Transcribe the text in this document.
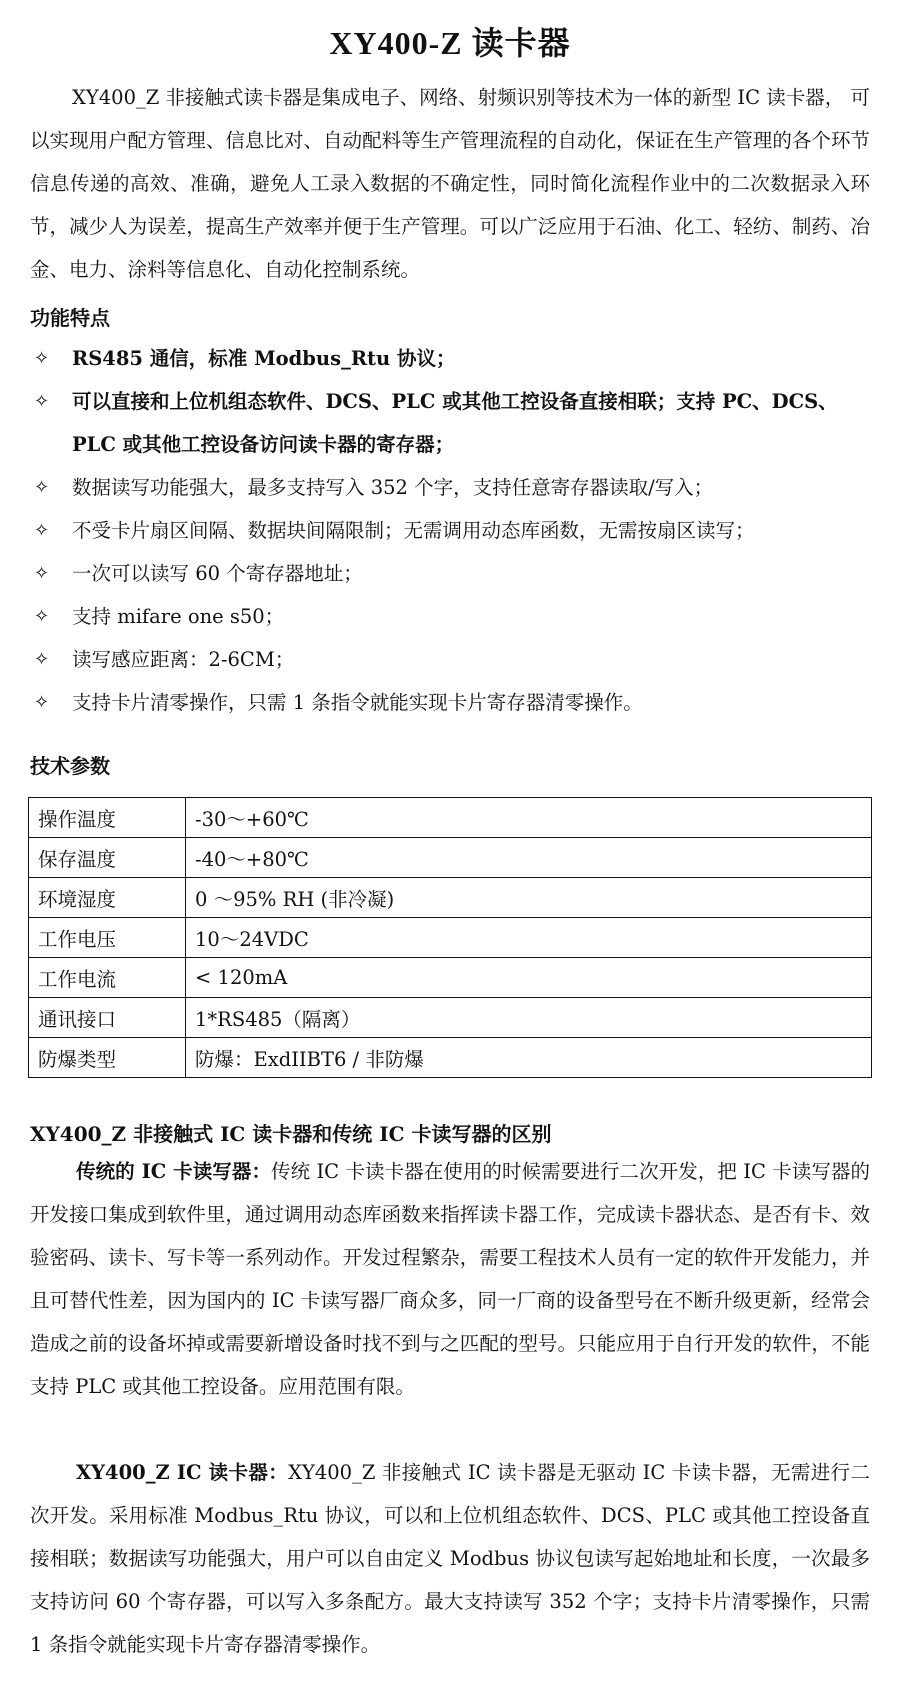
XY400-Z 读卡器

XY400_Z 非接触式读卡器是集成电子、网络、射频识别等技术为一体的新型 IC 读卡器， 可以实现用户配方管理、信息比对、自动配料等生产管理流程的自动化，保证在生产管理的各个环节信息传递的高效、准确，避免人工录入数据的不确定性，同时简化流程作业中的二次数据录入环节，减少人为误差，提高生产效率并便于生产管理。可以广泛应用于石油、化工、轻纺、制药、冶金、电力、涂料等信息化、自动化控制系统。

功能特点
✧ RS485 通信，标准 Modbus_Rtu 协议；
✧ 可以直接和上位机组态软件、DCS、PLC 或其他工控设备直接相联；支持 PC、DCS、PLC 或其他工控设备访问读卡器的寄存器；
✧ 数据读写功能强大，最多支持写入 352 个字，支持任意寄存器读取/写入；
✧ 不受卡片扇区间隔、数据块间隔限制；无需调用动态库函数，无需按扇区读写；
✧ 一次可以读写 60 个寄存器地址；
✧ 支持 mifare one s50；
✧ 读写感应距离：2-6CM；
✧ 支持卡片清零操作，只需 1 条指令就能实现卡片寄存器清零操作。
技术参数
操作温度	-30～+60℃
保存温度	-40～+80℃
环境湿度	0 ～95% RH (非冷凝)
工作电压	10～24VDC
工作电流	< 120mA
通讯接口	1*RS485（隔离）
防爆类型	防爆：ExdIIBT6 / 非防爆
XY400_Z 非接触式 IC 读卡器和传统 IC 卡读写器的区别

传统的 IC 卡读写器：传统 IC 卡读卡器在使用的时候需要进行二次开发，把 IC 卡读写器的开发接口集成到软件里，通过调用动态库函数来指挥读卡器工作，完成读卡器状态、是否有卡、效验密码、读卡、写卡等一系列动作。开发过程繁杂，需要工程技术人员有一定的软件开发能力，并且可替代性差，因为国内的 IC 卡读写器厂商众多，同一厂商的设备型号在不断升级更新，经常会造成之前的设备坏掉或需要新增设备时找不到与之匹配的型号。只能应用于自行开发的软件，不能支持 PLC 或其他工控设备。应用范围有限。

XY400_Z IC 读卡器：XY400_Z 非接触式 IC 读卡器是无驱动 IC 卡读卡器，无需进行二次开发。采用标准 Modbus_Rtu 协议，可以和上位机组态软件、DCS、PLC 或其他工控设备直接相联；数据读写功能强大，用户可以自由定义 Modbus 协议包读写起始地址和长度，一次最多支持访问 60 个寄存器，可以写入多条配方。最大支持读写 352 个字；支持卡片清零操作，只需 1 条指令就能实现卡片寄存器清零操作。
